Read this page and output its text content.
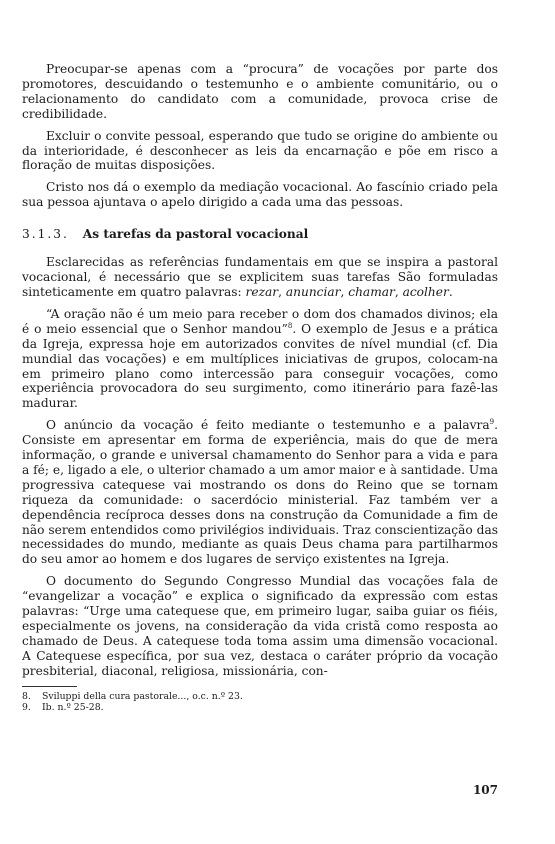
Preocupar-se apenas com a “procura” de vocações por parte dos promotores, descuidando o testemunho e o ambiente comunitário, ou o relacionamento do candidato com a comunidade, provoca crise de credibilidade.

Excluir o convite pessoal, esperando que tudo se origine do ambiente ou da interioridade, é desconhecer as leis da encarnação e põe em risco a floração de muitas disposições.

Cristo nos dá o exemplo da mediação vocacional. Ao fascínio criado pela sua pessoa ajuntava o apelo dirigido a cada uma das pessoas.

3.1.3. As tarefas da pastoral vocacional

Esclarecidas as referências fundamentais em que se inspira a pastoral vocacional, é necessário que se explicitem suas tarefas São formuladas sinteticamente em quatro palavras: rezar, anunciar, chamar, acolher.

“A oração não é um meio para receber o dom dos chamados divinos; ela é o meio essencial que o Senhor mandou”$^8$. O exemplo de Jesus e a prática da Igreja, expressa hoje em autorizados convites de nível mundial (cf. Dia mundial das vocações) e em multíplices iniciativas de grupos, colocam-na em primeiro plano como intercessão para conseguir vocações, como experiência provocadora do seu surgimento, como itinerário para fazê-las madurar.

O anúncio da vocação é feito mediante o testemunho e a palavra$^9$. Consiste em apresentar em forma de experiência, mais do que de mera informação, o grande e universal chamamento do Senhor para a vida e para a fé; e, ligado a ele, o ulterior chamado a um amor maior e à santidade. Uma progressiva catequese vai mostrando os dons do Reino que se tornam riqueza da comunidade: o sacerdócio ministerial. Faz também ver a dependência recíproca desses dons na construção da Comunidade a fim de não serem entendidos como privilégios individuais. Traz conscientização das necessidades do mundo, mediante as quais Deus chama para partilharmos do seu amor ao homem e dos lugares de serviço existentes na Igreja.

O documento do Segundo Congresso Mundial das vocações fala de “evangelizar a vocação” e explica o significado da expressão com estas palavras: “Urge uma catequese que, em primeiro lugar, saiba guiar os fiéis, especialmente os jovens, na consideração da vida cristã como resposta ao chamado de Deus. A catequese toda toma assim uma dimensão vocacional. A Catequese específica, por sua vez, destaca o caráter próprio da vocação presbiterial, diaconal, religiosa, missionária, con-

8. Sviluppi della cura pastorale..., o.c. n.º 23.

9. Ib. n.º 25-28.

107
